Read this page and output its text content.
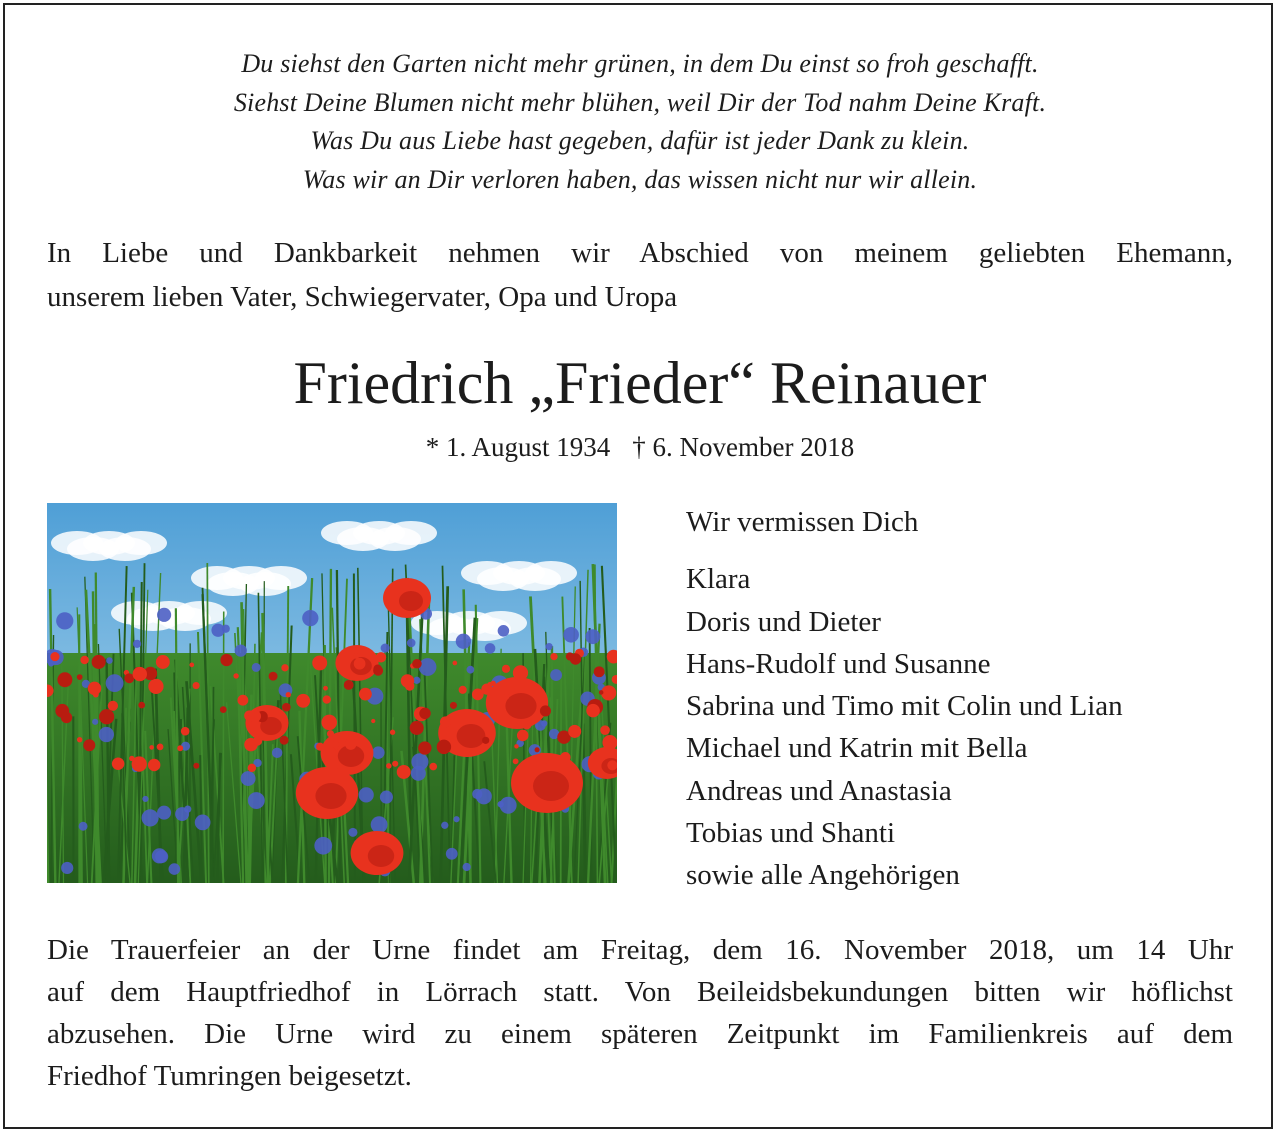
Du siehst den Garten nicht mehr grünen, in dem Du einst so froh geschafft.
Siehst Deine Blumen nicht mehr blühen, weil Dir der Tod nahm Deine Kraft.
Was Du aus Liebe hast gegeben, dafür ist jeder Dank zu klein.
Was wir an Dir verloren haben, das wissen nicht nur wir allein.
In Liebe und Dankbarkeit nehmen wir Abschied von meinem geliebten Ehemann,
unserem lieben Vater, Schwiegervater, Opa und Uropa
Friedrich „Frieder“ Reinauer
* 1. August 1934 † 6. November 2018
Wir vermissen Dich
Klara
Doris und Dieter
Hans-Rudolf und Susanne
Sabrina und Timo mit Colin und Lian
Michael und Katrin mit Bella
Andreas und Anastasia
Tobias und Shanti
sowie alle Angehörigen
Die Trauerfeier an der Urne findet am Freitag, dem 16. November 2018, um 14 Uhr
auf dem Hauptfriedhof in Lörrach statt. Von Beileidsbekundungen bitten wir höflichst
abzusehen. Die Urne wird zu einem späteren Zeitpunkt im Familienkreis auf dem
Friedhof Tumringen beigesetzt.
